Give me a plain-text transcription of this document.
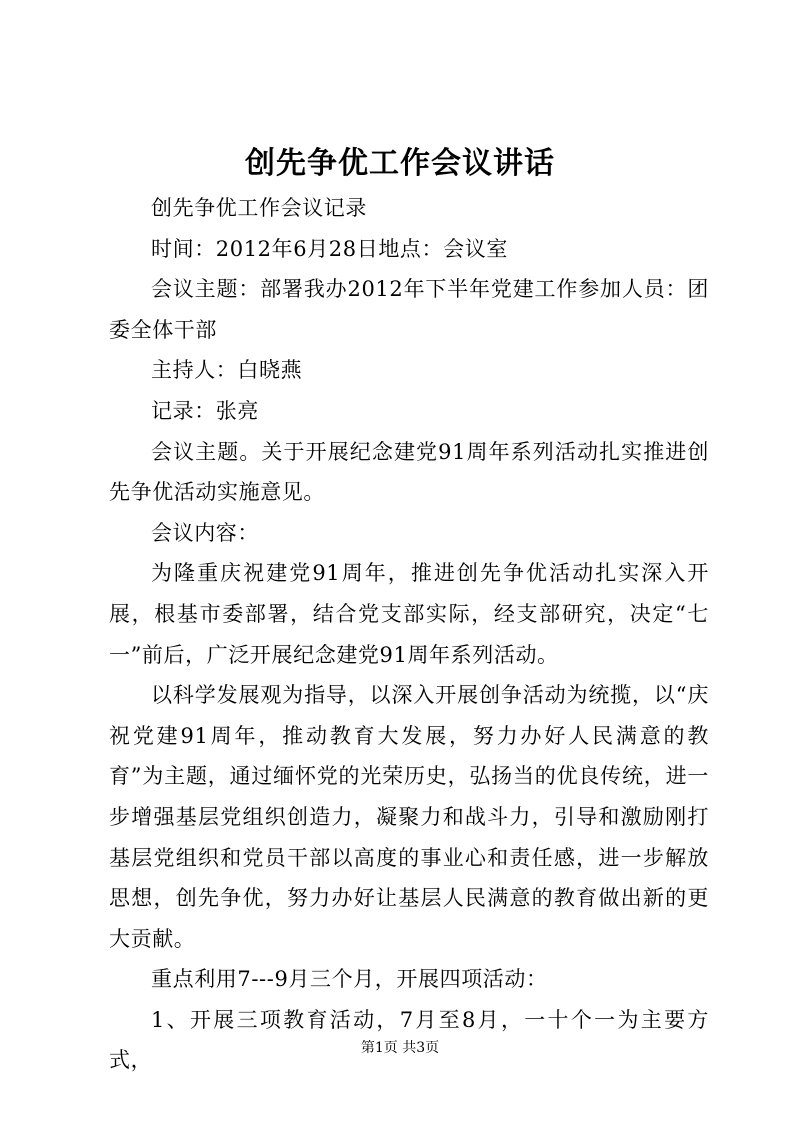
创先争优工作会议讲话

创先争优工作会议记录

时间：2012年6月28日地点：会议室

会议主题：部署我办2012年下半年党建工作参加人员：团委全体干部

主持人：白晓燕

记录：张亮

会议主题。关于开展纪念建党91周年系列活动扎实推进创先争优活动实施意见。

会议内容：

为隆重庆祝建党91周年，推进创先争优活动扎实深入开展，根基市委部署，结合党支部实际，经支部研究，决定“七一”前后，广泛开展纪念建党91周年系列活动。

以科学发展观为指导，以深入开展创争活动为统揽，以“庆祝党建91周年，推动教育大发展，努力办好人民满意的教育”为主题，通过缅怀党的光荣历史，弘扬当的优良传统，进一步增强基层党组织创造力，凝聚力和战斗力，引导和激励刚打基层党组织和党员干部以高度的事业心和责任感，进一步解放思想，创先争优，努力办好让基层人民满意的教育做出新的更大贡献。

重点利用7---9月三个月，开展四项活动：

1、开展三项教育活动，7月至8月，一十个一为主要方式，

第1页 共3页
